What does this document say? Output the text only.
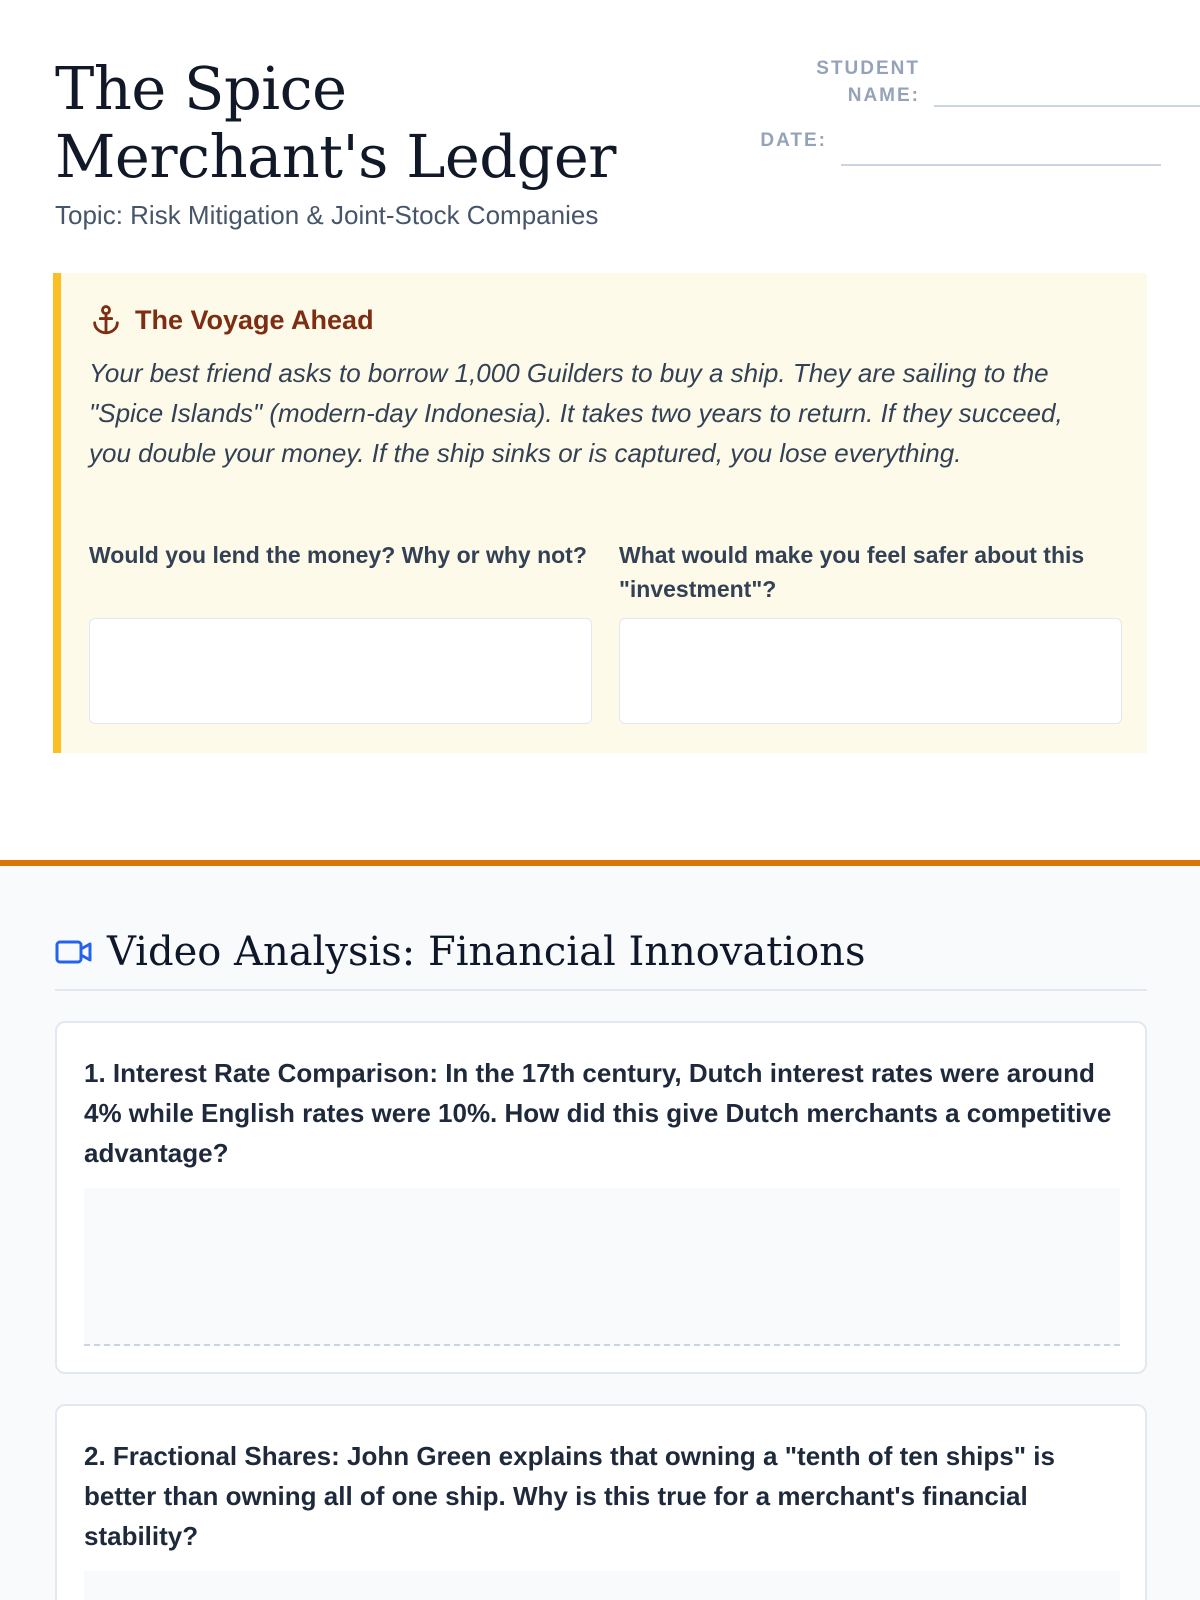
The Spice Merchant's Ledger
Topic: Risk Mitigation & Joint-Stock Companies
STUDENT NAME:
DATE:
The Voyage Ahead

Your best friend asks to borrow 1,000 Guilders to buy a ship. They are sailing to the "Spice Islands" (modern-day Indonesia). It takes two years to return. If they succeed, you double your money. If the ship sinks or is captured, you lose everything.

Would you lend the money? Why or why not? What would make you feel safer about this "investment"?
Video Analysis: Financial Innovations

1. Interest Rate Comparison: In the 17th century, Dutch interest rates were around 4% while English rates were 10%. How did this give Dutch merchants a competitive advantage?

2. Fractional Shares: John Green explains that owning a "tenth of ten ships" is better than owning all of one ship. Why is this true for a merchant's financial stability?
